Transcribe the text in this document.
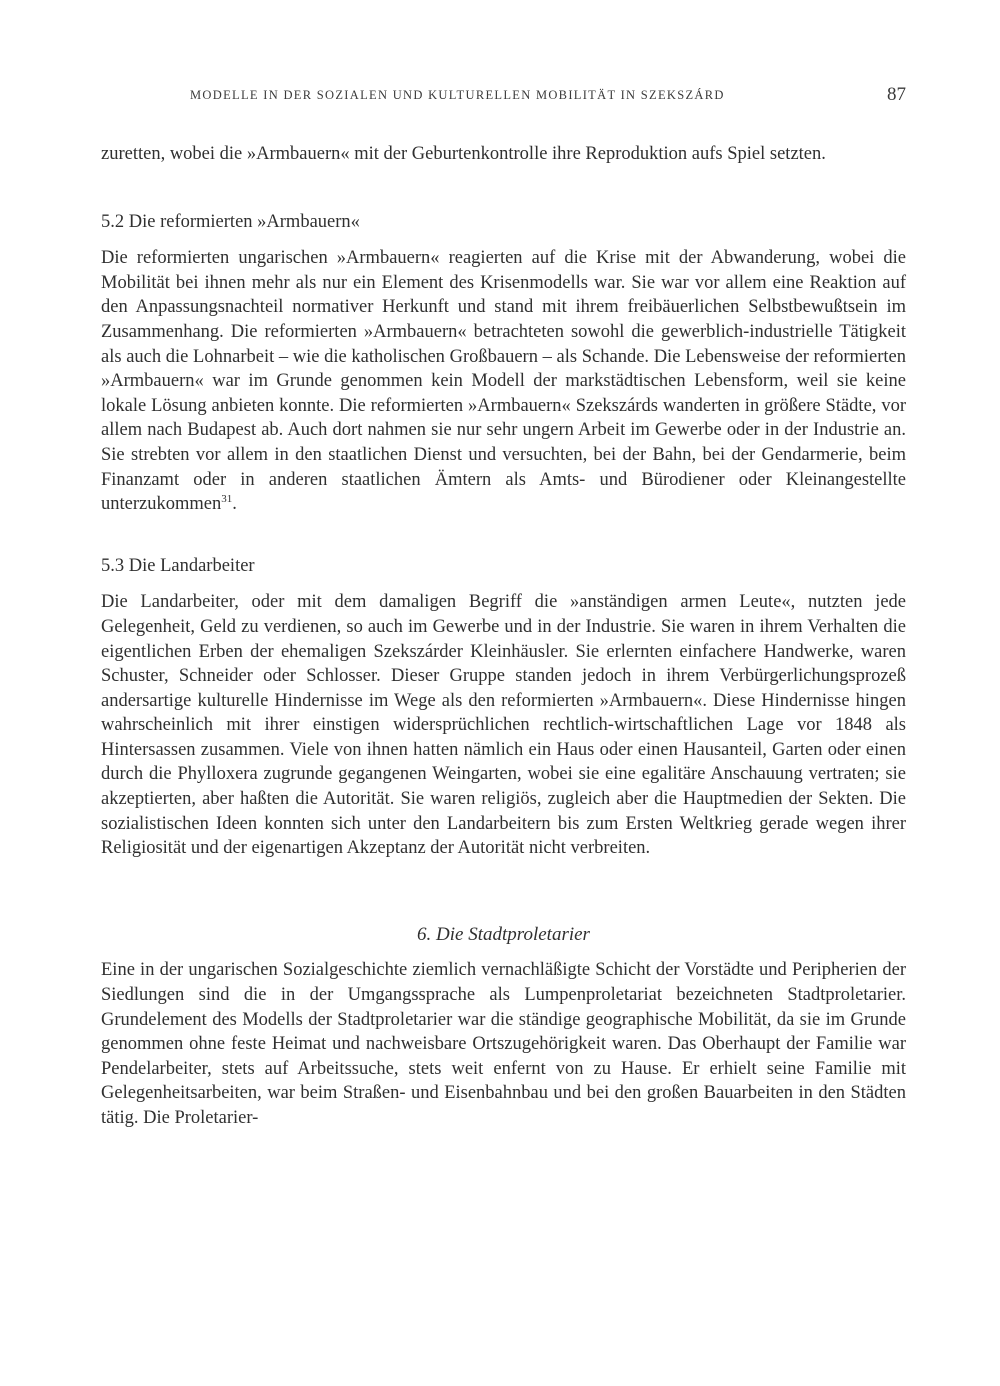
MODELLE IN DER SOZIALEN UND KULTURELLEN MOBILITÄT IN SZEKSZÁRD	87

zuretten, wobei die »Armbauern« mit der Geburtenkontrolle ihre Reproduktion aufs Spiel setzten.

5.2 Die reformierten »Armbauern«

Die reformierten ungarischen »Armbauern« reagierten auf die Krise mit der Abwanderung, wobei die Mobilität bei ihnen mehr als nur ein Element des Krisenmodells war. Sie war vor allem eine Reaktion auf den Anpassungsnachteil normativer Herkunft und stand mit ihrem freibäuerlichen Selbstbewußtsein im Zusammenhang. Die reformierten »Armbauern« betrachteten sowohl die gewerblich-industrielle Tätigkeit als auch die Lohnarbeit – wie die katholischen Großbauern – als Schande. Die Lebensweise der reformierten »Armbauern« war im Grunde genommen kein Modell der markstädtischen Lebensform, weil sie keine lokale Lösung anbieten konnte. Die reformierten »Armbauern« Szekszárds wanderten in größere Städte, vor allem nach Budapest ab. Auch dort nahmen sie nur sehr ungern Arbeit im Gewerbe oder in der Industrie an. Sie strebten vor allem in den staatlichen Dienst und versuchten, bei der Bahn, bei der Gendarmerie, beim Finanzamt oder in anderen staatlichen Ämtern als Amts- und Bürodiener oder Kleinangestellte unterzukommen$^{31}$.

5.3 Die Landarbeiter

Die Landarbeiter, oder mit dem damaligen Begriff die »anständigen armen Leute«, nutzten jede Gelegenheit, Geld zu verdienen, so auch im Gewerbe und in der Industrie. Sie waren in ihrem Verhalten die eigentlichen Erben der ehemaligen Szekszárder Kleinhäusler. Sie erlernten einfachere Handwerke, waren Schuster, Schneider oder Schlosser. Dieser Gruppe standen jedoch in ihrem Verbürgerlichungsprozeß andersartige kulturelle Hindernisse im Wege als den reformierten »Armbauern«. Diese Hindernisse hingen wahrscheinlich mit ihrer einstigen widersprüchlichen rechtlich-wirtschaftlichen Lage vor 1848 als Hintersassen zusammen. Viele von ihnen hatten nämlich ein Haus oder einen Hausanteil, Garten oder einen durch die Phylloxera zugrunde gegangenen Weingarten, wobei sie eine egalitäre Anschauung vertraten; sie akzeptierten, aber haßten die Autorität. Sie waren religiös, zugleich aber die Hauptmedien der Sekten. Die sozialistischen Ideen konnten sich unter den Landarbeitern bis zum Ersten Weltkrieg gerade wegen ihrer Religiosität und der eigenartigen Akzeptanz der Autorität nicht verbreiten.

6. Die Stadtproletarier

Eine in der ungarischen Sozialgeschichte ziemlich vernachläßigte Schicht der Vorstädte und Peripherien der Siedlungen sind die in der Umgangssprache als Lumpenproletariat bezeichneten Stadtproletarier. Grundelement des Modells der Stadtproletarier war die ständige geographische Mobilität, da sie im Grunde genommen ohne feste Heimat und nachweisbare Ortszugehörigkeit waren. Das Oberhaupt der Familie war Pendelarbeiter, stets auf Arbeitssuche, stets weit enfernt von zu Hause. Er erhielt seine Familie mit Gelegenheitsarbeiten, war beim Straßen- und Eisenbahnbau und bei den großen Bauarbeiten in den Städten tätig. Die Proletarier-
